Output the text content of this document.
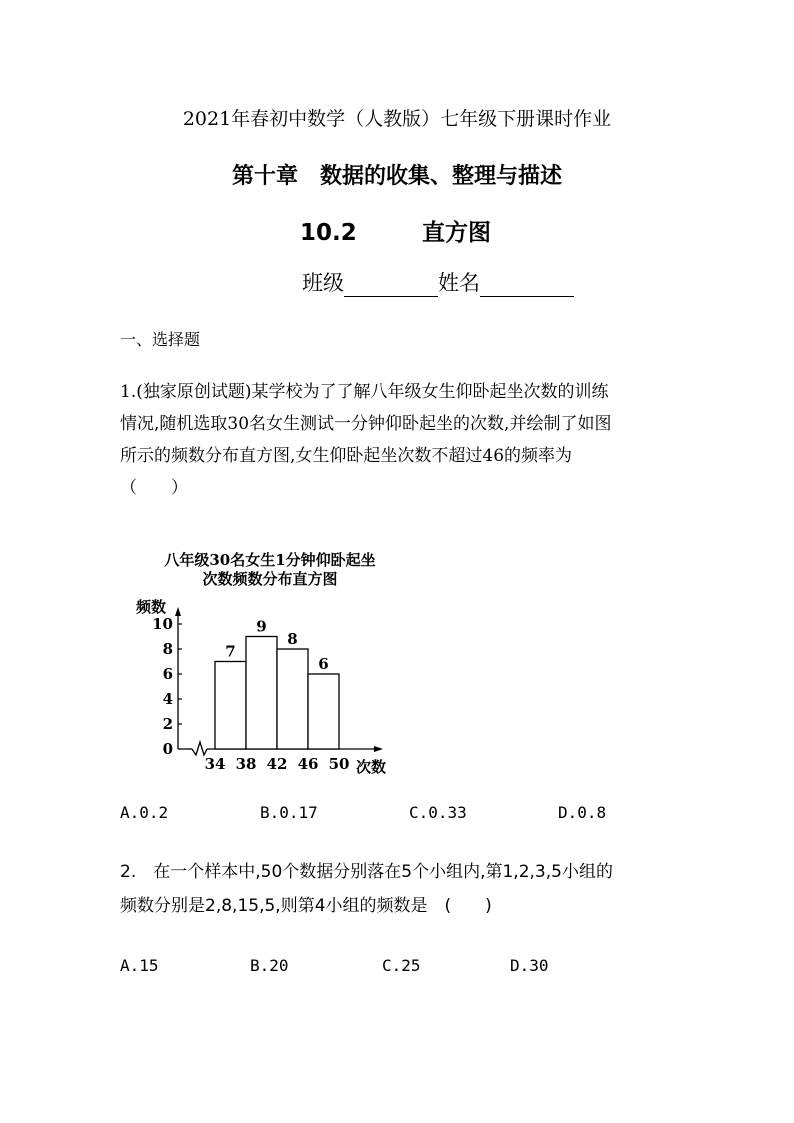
2021年春初中数学（人教版）七年级下册课时作业
第十章　数据的收集、整理与描述
10.2	直方图
班级	姓名
一、选择题

1.(独家原创试题)某学校为了了解八年级女生仰卧起坐次数的训练

情况,随机选取30名女生测试一分钟仰卧起坐的次数,并绘制了如图

所示的频数分布直方图,女生仰卧起坐次数不超过46的频率为

（　　）

八年级30名女生1分钟仰卧起坐
次数频数分布直方图
频数
次数
0
2
4
6
8
10
7
9
8
6
34 38 42 46 50
A.0.2	B.0.17	C.0.33	D.0.8

2.　在一个样本中,50个数据分别落在5个小组内,第1,2,3,5小组的

频数分别是2,8,15,5,则第4小组的频数是　(　　)

A.15	B.20	C.25	D.30
